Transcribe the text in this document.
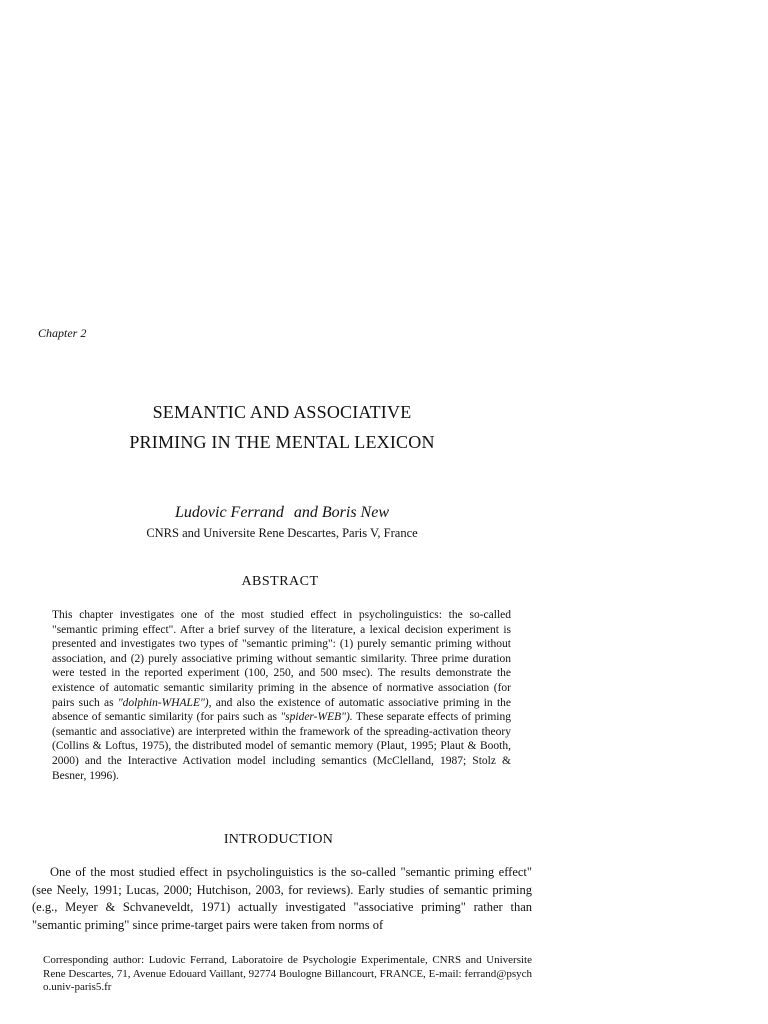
Chapter 2
SEMANTIC AND ASSOCIATIVE
PRIMING IN THE MENTAL LEXICON
Ludovic Ferrand and Boris New
CNRS and Universite Rene Descartes, Paris V, France
ABSTRACT
This chapter investigates one of the most studied effect in psycholinguistics: the so-called "semantic priming effect". After a brief survey of the literature, a lexical decision experiment is presented and investigates two types of "semantic priming": (1) purely semantic priming without association, and (2) purely associative priming without semantic similarity. Three prime duration were tested in the reported experiment (100, 250, and 500 msec). The results demonstrate the existence of automatic semantic similarity priming in the absence of normative association (for pairs such as "dolphin-WHALE"), and also the existence of automatic associative priming in the absence of semantic similarity (for pairs such as "spider-WEB"). These separate effects of priming (semantic and associative) are interpreted within the framework of the spreading-activation theory (Collins & Loftus, 1975), the distributed model of semantic memory (Plaut, 1995; Plaut & Booth, 2000) and the Interactive Activation model including semantics (McClelland, 1987; Stolz & Besner, 1996).
INTRODUCTION
One of the most studied effect in psycholinguistics is the so-called "semantic priming effect" (see Neely, 1991; Lucas, 2000; Hutchison, 2003, for reviews). Early studies of semantic priming (e.g., Meyer & Schvaneveldt, 1971) actually investigated "associative priming" rather than "semantic priming" since prime-target pairs were taken from norms of
Corresponding author: Ludovic Ferrand, Laboratoire de Psychologie Experimentale, CNRS and Universite Rene Descartes, 71, Avenue Edouard Vaillant, 92774 Boulogne Billancourt, FRANCE, E-mail: ferrand@psycho.univ-paris5.fr
